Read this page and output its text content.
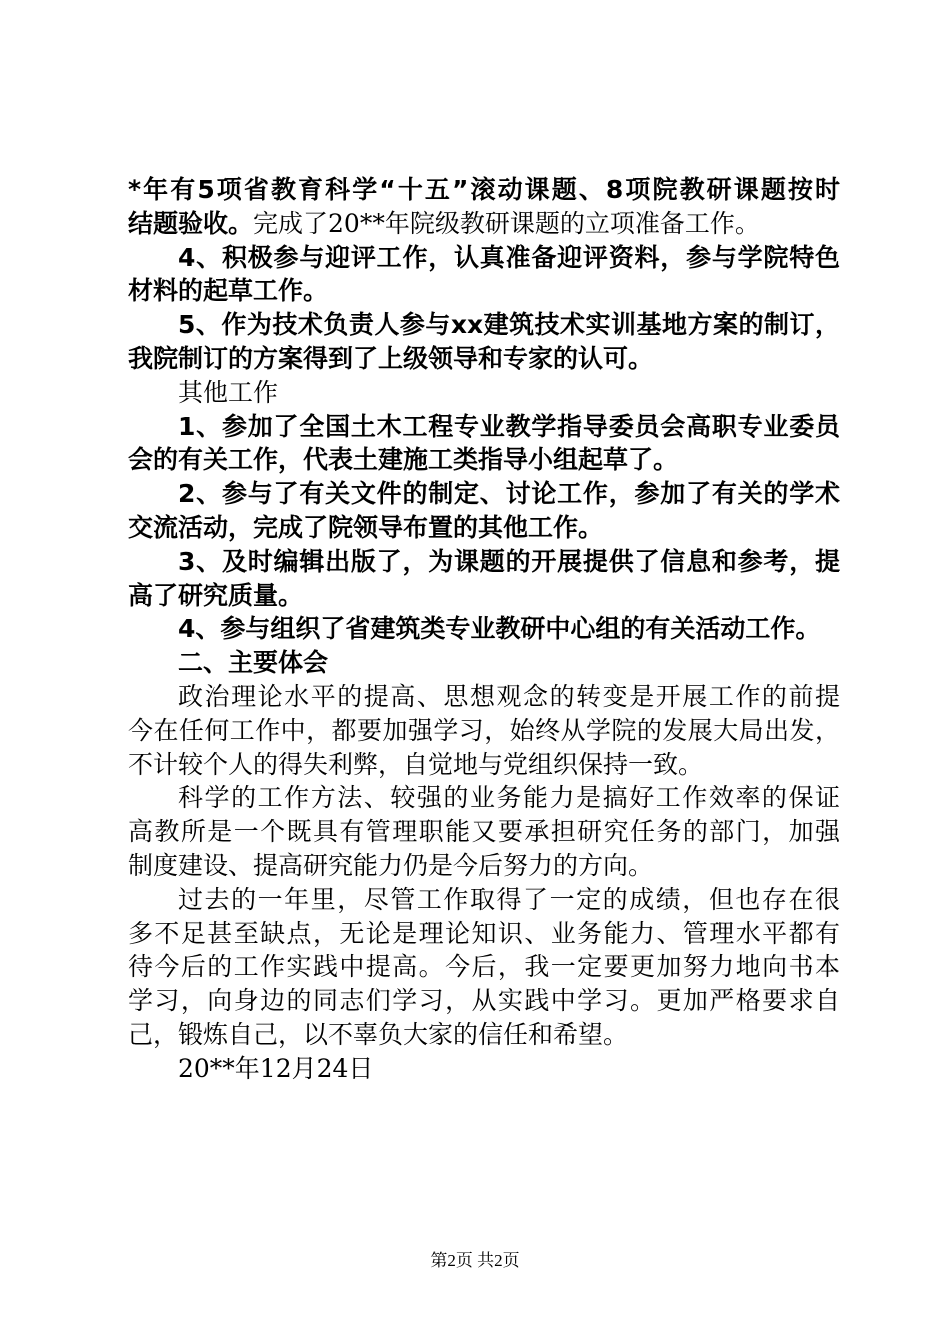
*年有5项省教育科学“十五”滚动课题、8项院教研课题按时
结题验收。完成了20**年院级教研课题的立项准备工作。
4、积极参与迎评工作，认真准备迎评资料，参与学院特色
材料的起草工作。
5、作为技术负责人参与xx建筑技术实训基地方案的制订，
我院制订的方案得到了上级领导和专家的认可。
其他工作
1、参加了全国土木工程专业教学指导委员会高职专业委员
会的有关工作，代表土建施工类指导小组起草了。
2、参与了有关文件的制定、讨论工作，参加了有关的学术
交流活动，完成了院领导布置的其他工作。
3、及时编辑出版了，为课题的开展提供了信息和参考，提
高了研究质量。
4、参与组织了省建筑类专业教研中心组的有关活动工作。
二、主要体会
政治理论水平的提高、思想观念的转变是开展工作的前提
今在任何工作中，都要加强学习，始终从学院的发展大局出发，
不计较个人的得失利弊，自觉地与党组织保持一致。
科学的工作方法、较强的业务能力是搞好工作效率的保证
高教所是一个既具有管理职能又要承担研究任务的部门，加强
制度建设、提高研究能力仍是今后努力的方向。
过去的一年里，尽管工作取得了一定的成绩，但也存在很
多不足甚至缺点，无论是理论知识、业务能力、管理水平都有
待今后的工作实践中提高。今后，我一定要更加努力地向书本
学习，向身边的同志们学习，从实践中学习。更加严格要求自
己，锻炼自己，以不辜负大家的信任和希望。
20**年12月24日
第2页 共2页
